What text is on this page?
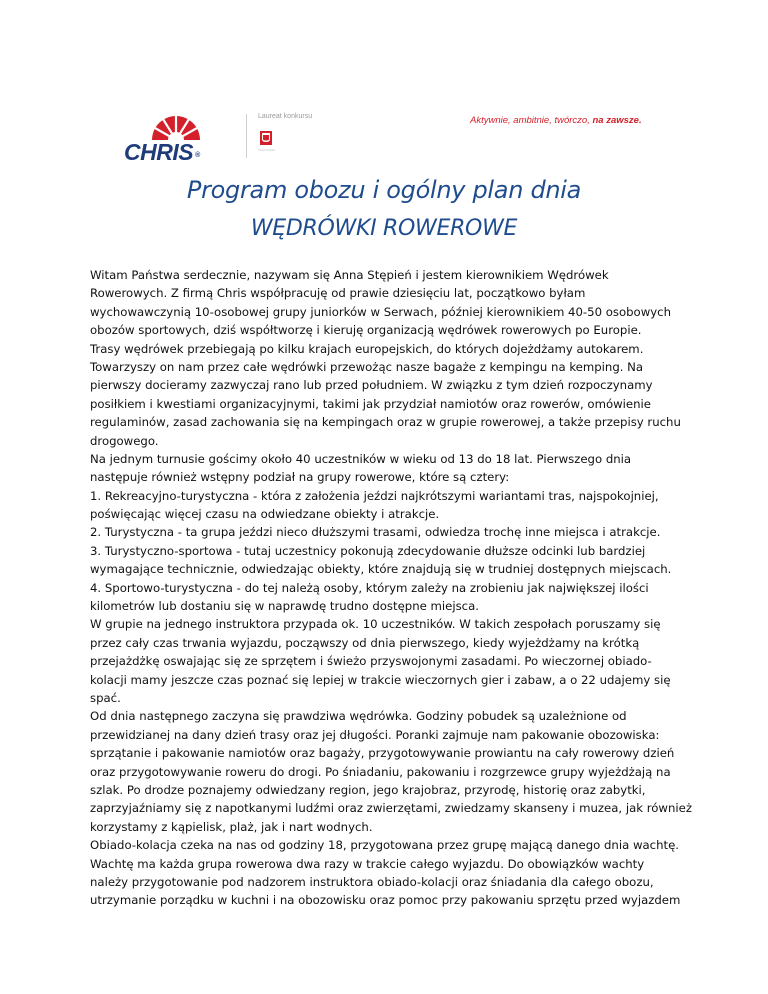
CHRIS ®
Laureat konkursu
Teraz Polska
Aktywnie, ambitnie, twórczo, na zawsze.
Program obozu i ogólny plan dnia
WĘDRÓWKI ROWEROWE
Witam Państwa serdecznie, nazywam się Anna Stępień i jestem kierownikiem Wędrówek
Rowerowych. Z firmą Chris współpracuję od prawie dziesięciu lat, początkowo byłam
wychowawczynią 10-osobowej grupy juniorków w Serwach, później kierownikiem 40-50 osobowych
obozów sportowych, dziś współtworzę i kieruję organizacją wędrówek rowerowych po Europie.
Trasy wędrówek przebiegają po kilku krajach europejskich, do których dojeżdżamy autokarem.
Towarzyszy on nam przez całe wędrówki przewożąc nasze bagaże z kempingu na kemping. Na
pierwszy docieramy zazwyczaj rano lub przed południem. W związku z tym dzień rozpoczynamy
posiłkiem i kwestiami organizacyjnymi, takimi jak przydział namiotów oraz rowerów, omówienie
regulaminów, zasad zachowania się na kempingach oraz w grupie rowerowej, a także przepisy ruchu
drogowego.
Na jednym turnusie gościmy około 40 uczestników w wieku od 13 do 18 lat. Pierwszego dnia
następuje również wstępny podział na grupy rowerowe, które są cztery:
1. Rekreacyjno-turystyczna - która z założenia jeździ najkrótszymi wariantami tras, najspokojniej,
poświęcając więcej czasu na odwiedzane obiekty i atrakcje.
2. Turystyczna - ta grupa jeździ nieco dłuższymi trasami, odwiedza trochę inne miejsca i atrakcje.
3. Turystyczno-sportowa - tutaj uczestnicy pokonują zdecydowanie dłuższe odcinki lub bardziej
wymagające technicznie, odwiedzając obiekty, które znajdują się w trudniej dostępnych miejscach.
4. Sportowo-turystyczna - do tej należą osoby, którym zależy na zrobieniu jak największej ilości
kilometrów lub dostaniu się w naprawdę trudno dostępne miejsca.
W grupie na jednego instruktora przypada ok. 10 uczestników. W takich zespołach poruszamy się
przez cały czas trwania wyjazdu, począwszy od dnia pierwszego, kiedy wyjeżdżamy na krótką
przejażdżkę oswajając się ze sprzętem i świeżo przyswojonymi zasadami. Po wieczornej obiado-
kolacji mamy jeszcze czas poznać się lepiej w trakcie wieczornych gier i zabaw, a o 22 udajemy się
spać.
Od dnia następnego zaczyna się prawdziwa wędrówka. Godziny pobudek są uzależnione od
przewidzianej na dany dzień trasy oraz jej długości. Poranki zajmuje nam pakowanie obozowiska:
sprzątanie i pakowanie namiotów oraz bagaży, przygotowywanie prowiantu na cały rowerowy dzień
oraz przygotowywanie roweru do drogi. Po śniadaniu, pakowaniu i rozgrzewce grupy wyjeżdżają na
szlak. Po drodze poznajemy odwiedzany region, jego krajobraz, przyrodę, historię oraz zabytki,
zaprzyjaźniamy się z napotkanymi ludźmi oraz zwierzętami, zwiedzamy skanseny i muzea, jak również
korzystamy z kąpielisk, plaż, jak i nart wodnych.
Obiado-kolacja czeka na nas od godziny 18, przygotowana przez grupę mającą danego dnia wachtę.
Wachtę ma każda grupa rowerowa dwa razy w trakcie całego wyjazdu. Do obowiązków wachty
należy przygotowanie pod nadzorem instruktora obiado-kolacji oraz śniadania dla całego obozu,
utrzymanie porządku w kuchni i na obozowisku oraz pomoc przy pakowaniu sprzętu przed wyjazdem
